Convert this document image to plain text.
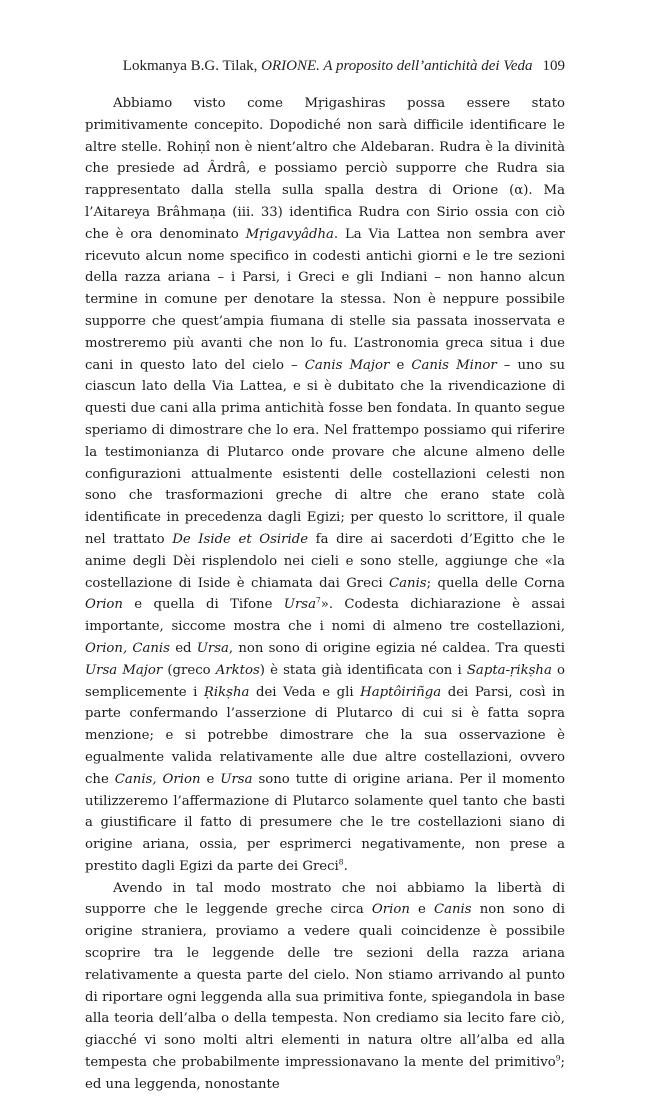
Lokmanya B.G. Tilak, ORIONE. A proposito dell’antichità dei Veda 109

Abbiamo visto come Mṛigashiras possa essere stato primitivamente concepito. Dopodiché non sarà difficile identificare le altre stelle. Rohiṇî non è nient’altro che Aldebaran. Rudra è la divinità che presiede ad Ârdrâ, e possiamo perciò supporre che Rudra sia rappresentato dalla stella sulla spalla destra di Orione (α). Ma l’Aitareya Brâhmaṇa (iii. 33) identifica Rudra con Sirio ossia con ciò che è ora denominato Mṛigavyâdha. La Via Lattea non sembra aver ricevuto alcun nome specifico in codesti antichi giorni e le tre sezioni della razza ariana – i Parsi, i Greci e gli Indiani – non hanno alcun termine in comune per denotare la stessa. Non è neppure possibile supporre che quest’ampia fiumana di stelle sia passata inosservata e mostreremo più avanti che non lo fu. L’astronomia greca situa i due cani in questo lato del cielo – Canis Major e Canis Minor – uno su ciascun lato della Via Lattea, e si è dubitato che la rivendicazione di questi due cani alla prima antichità fosse ben fondata. In quanto segue speriamo di dimostrare che lo era. Nel frattempo possiamo qui riferire la testimonianza di Plutarco onde provare che alcune almeno delle configurazioni attualmente esistenti delle costellazioni celesti non sono che trasformazioni greche di altre che erano state colà identificate in precedenza dagli Egizi; per questo lo scrittore, il quale nel trattato De Iside et Osiride fa dire ai sacerdoti d’Egitto che le anime degli Dèi risplendolo nei cieli e sono stelle, aggiunge che «la costellazione di Iside è chiamata dai Greci Canis; quella delle Corna Orion e quella di Tifone Ursa$^7$». Codesta dichiarazione è assai importante, siccome mostra che i nomi di almeno tre costellazioni, Orion, Canis ed Ursa, non sono di origine egizia né caldea. Tra questi Ursa Major (greco Arktos) è stata già identificata con i Sapta-ṛikṣha o semplicemente i Ṛikṣha dei Veda e gli Haptôiriñga dei Parsi, così in parte confermando l’asserzione di Plutarco di cui si è fatta sopra menzione; e si potrebbe dimostrare che la sua osservazione è egualmente valida relativamente alle due altre costellazioni, ovvero che Canis, Orion e Ursa sono tutte di origine ariana. Per il momento utilizzeremo l’affermazione di Plutarco solamente quel tanto che basti a giustificare il fatto di presumere che le tre costellazioni siano di origine ariana, ossia, per esprimerci negativamente, non prese a prestito dagli Egizi da parte dei Greci$^8$.

Avendo in tal modo mostrato che noi abbiamo la libertà di supporre che le leggende greche circa Orion e Canis non sono di origine straniera, proviamo a vedere quali coincidenze è possibile scoprire tra le leggende delle tre sezioni della razza ariana relativamente a questa parte del cielo. Non stiamo arrivando al punto di riportare ogni leggenda alla sua primitiva fonte, spiegandola in base alla teoria dell’alba o della tempesta. Non crediamo sia lecito fare ciò, giacché vi sono molti altri elementi in natura oltre all’alba ed alla tempesta che probabilmente impressionavano la mente del primitivo$^9$; ed una leggenda, nonostante
